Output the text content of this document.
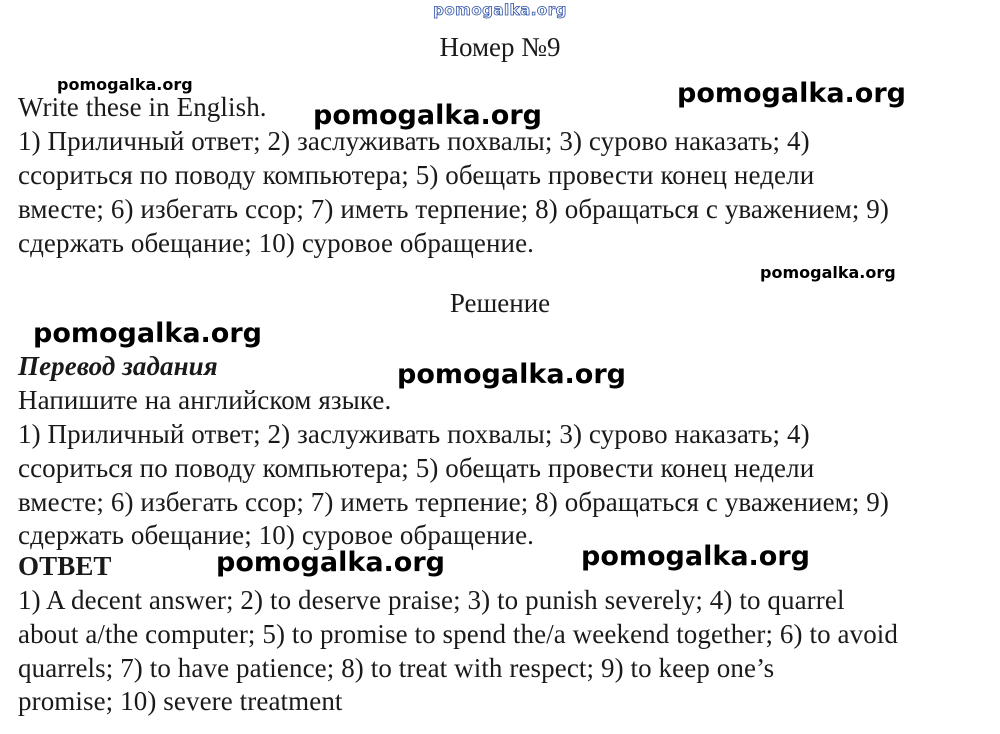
pomogalka.org
Номер №9
pomogalka.org	pomogalka.org
Write these in English. pomogalka.org
1) Приличный ответ; 2) заслуживать похвалы; 3) сурово наказать; 4)
ссориться по поводу компьютера; 5) обещать провести конец недели
вместе; 6) избегать ссор; 7) иметь терпение; 8) обращаться с уважением; 9)
сдержать обещание; 10) суровое обращение.
pomogalka.org
Решение
pomogalka.org
Перевод задания	pomogalka.org
Напишите на английском языке.
1) Приличный ответ; 2) заслуживать похвалы; 3) сурово наказать; 4)
ссориться по поводу компьютера; 5) обещать провести конец недели
вместе; 6) избегать ссор; 7) иметь терпение; 8) обращаться с уважением; 9)
сдержать обещание; 10) суровое обращение.
pomogalka.org
ОТВЕТ	pomogalka.org
1) A decent answer; 2) to deserve praise; 3) to punish severely; 4) to quarrel
about a/the computer; 5) to promise to spend the/a weekend together; 6) to avoid
quarrels; 7) to have patience; 8) to treat with respect; 9) to keep one’s
promise; 10) severe treatment
